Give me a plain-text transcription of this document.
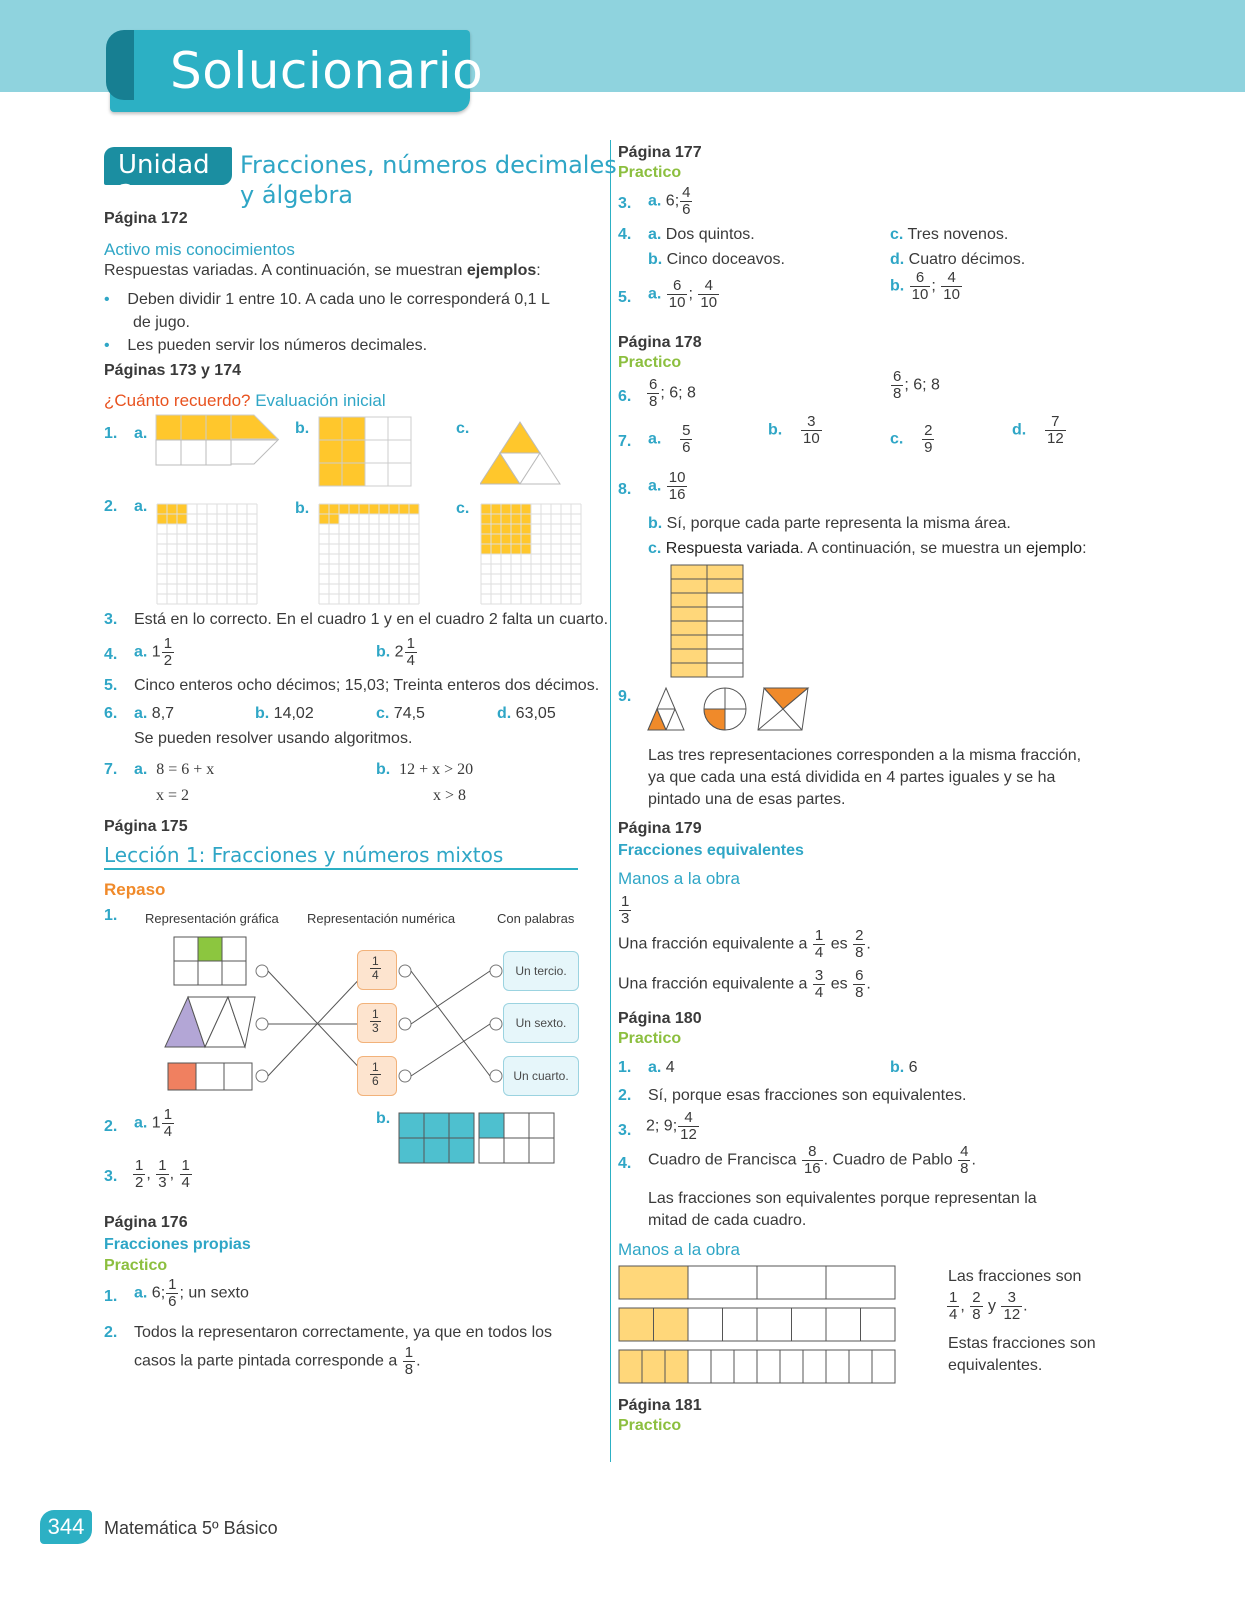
Solucionario
Unidad 3
Fracciones, números decimales
y álgebra
Página 172
Activo mis conocimientos
Respuestas variadas. A continuación, se muestran ejemplos:
• Deben dividir 1 entre 10. A cada uno le corresponderá 0,1 L
de jugo.
• Les pueden servir los números decimales.
Páginas 173 y 174
¿Cuánto recuerdo? Evaluación inicial
1. a.	b.	c.
2. a.	b.	c.
3. Está en lo correcto. En el cuadro 1 y en el cuadro 2 falta un cuarto.
4. a. $1 \frac{1}{2}$	b. $2 \frac{1}{4}$
5. Cinco enteros ocho décimos; 15,03; Treinta enteros dos décimos.
6. a. 8,7	b. 14,02	c. 74,5	d. 63,05
Se pueden resolver usando algoritmos.
7. a. 8 = 6 + x
x = 2
b. 12 + x > 20
x > 8
Página 175
Lección 1: Fracciones y números mixtos
Repaso
1. Representación gráfica Representación numérica	Con palabras
$\frac{1}{4}$
$\frac{1}{3}$
$\frac{1}{6}$
Un tercio.
Un sexto.
Un cuarto.
2. a. $1 \frac{1}{4}$	b.
3. $\frac{1}{2}$ , $\frac{1}{3}$ , $\frac{1}{4}$
Página 176
Fracciones propias
Practico
1. a. 6; $\frac{1}{6}$ ; un sexto
2. Todos la representaron correctamente, ya que en todos los
casos la parte pintada corresponde a $\frac{1}{8}$ .
Página 177
Practico
3. a. 6; $\frac{4}{6}$
4. a. Dos quintos.
b. Cinco doceavos.
c. Tres novenos.
d. Cuatro décimos.
5. a. $\frac{6}{10}$ ; $\frac{4}{10}$	b. $\frac{6}{10}$ ; $\frac{4}{10}$
Página 178
Practico
6. $\frac{6}{8}$ ; 6; 8	$\frac{6}{8}$ ; 6; 8
7. a. $\frac{5}{6}$	b. $\frac{3}{10}$	c. $\frac{2}{9}$	d. $\frac{7}{12}$
8. a. $\frac{10}{16}$
b. Sí, porque cada parte representa la misma área.
c. Respuesta variada. A continuación, se muestra un ejemplo:
9.
Las tres representaciones corresponden a la misma fracción,
ya que cada una está dividida en 4 partes iguales y se ha
pintado una de esas partes.
Página 179
Fracciones equivalentes
Manos a la obra
$\frac{1}{3}$
Una fracción equivalente a $\frac{1}{4}$ es $\frac{2}{8}$ .
Una fracción equivalente a $\frac{3}{4}$ es $\frac{6}{8}$ .
Página 180
Practico
1. a. 4	b. 6
2. Sí, porque esas fracciones son equivalentes.
3. 2; 9; $\frac{4}{12}$
4. Cuadro de Francisca $\frac{8}{16}$ . Cuadro de Pablo $\frac{4}{8}$ .
Las fracciones son equivalentes porque representan la
mitad de cada cuadro.
Manos a la obra
Las fracciones son
$\frac{1}{4}$ , $\frac{2}{8}$ y $\frac{3}{12}$ .
Estas fracciones son
equivalentes.
Página 181
Practico
344	Matemática 5º Básico
